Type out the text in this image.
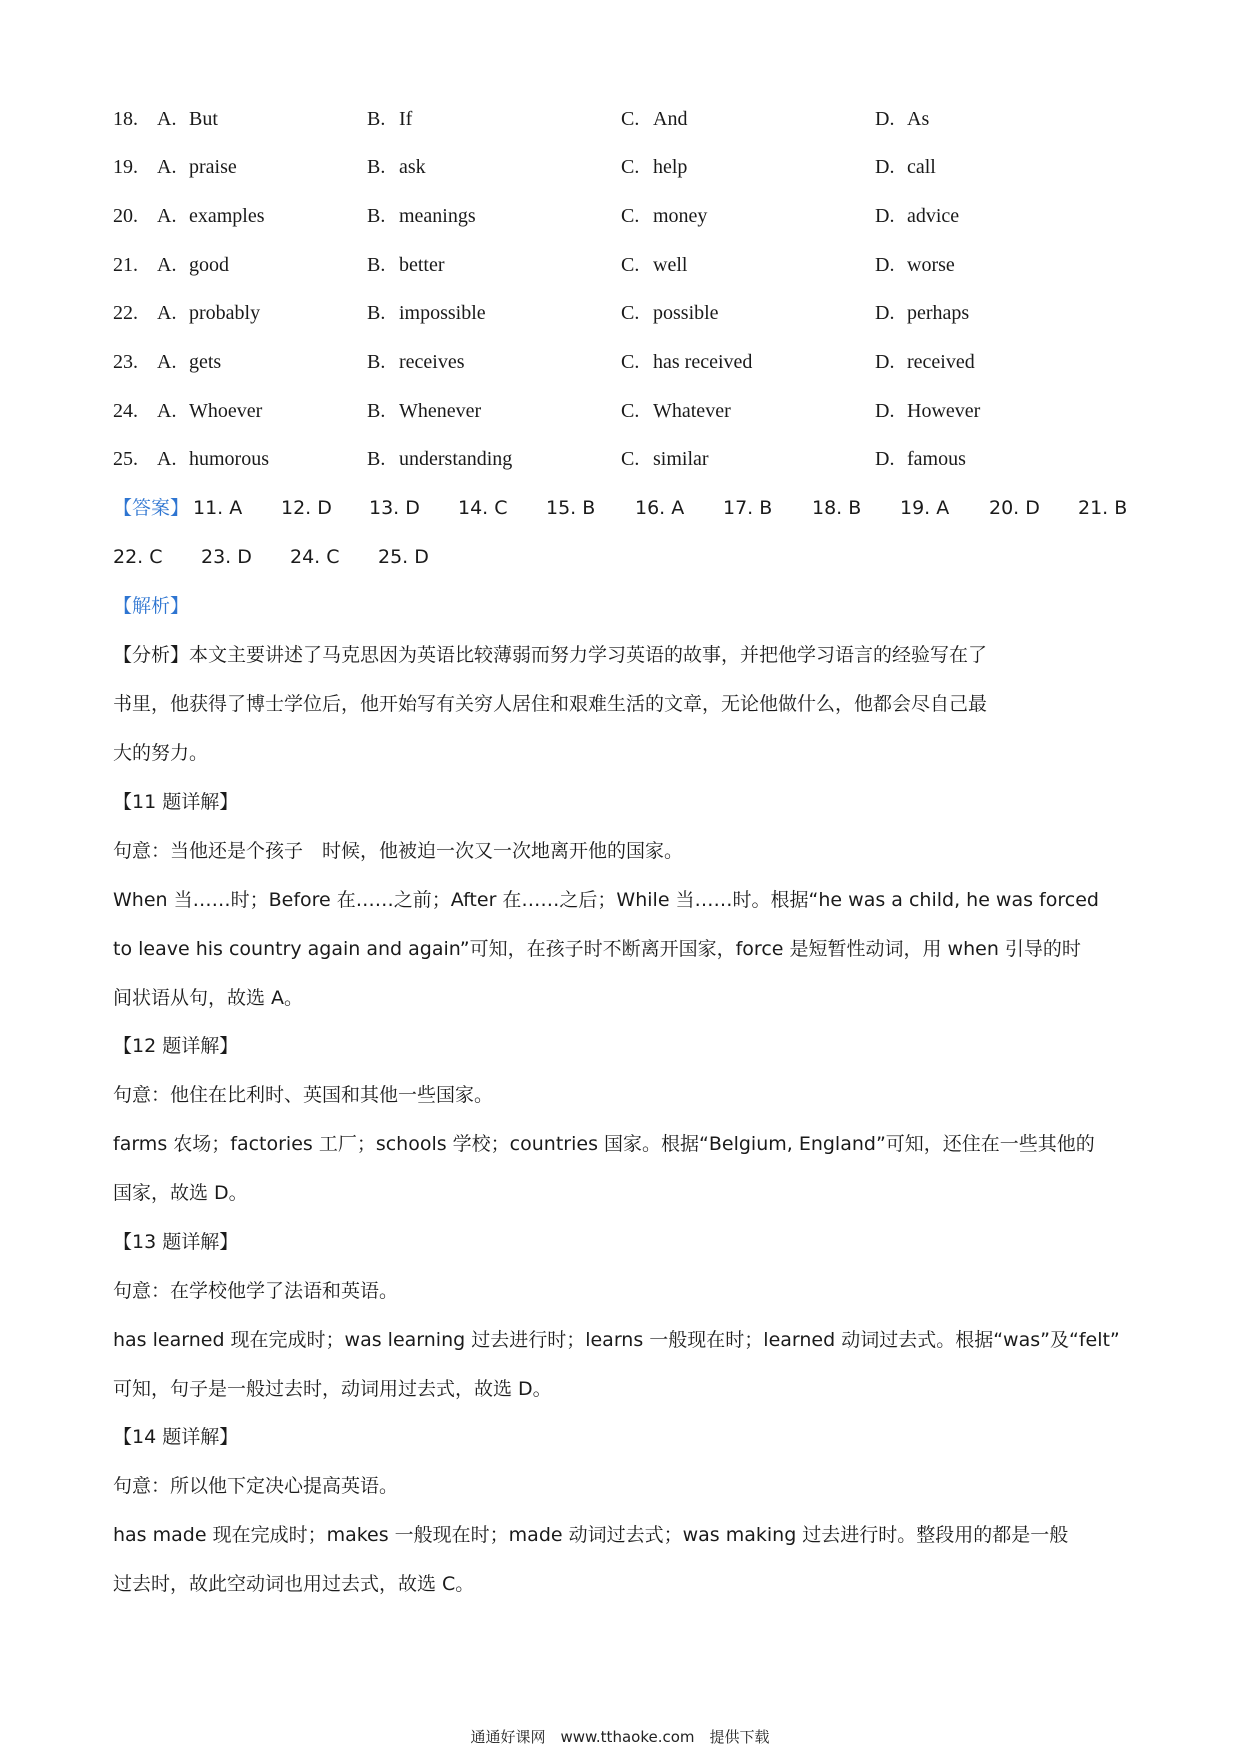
18. A. But	B. If	C. And	D. As
19. A. praise	B. ask	C. help	D. call
20. A. examples	B. meanings	C. money	D. advice
21. A. good	B. better	C. well	D. worse
22. A. probably	B. impossible	C. possible	D. perhaps
23. A. gets	B. receives	C. has received	D. received
24. A. Whoever	B. Whenever	C. Whatever	D. However
25. A. humorous	B. understanding	C. similar	D. famous
【答案】 11. A 12. D 13. D 14. C 15. B 16. A 17. B 18. B 19. A 20. D 21. B
22. C 23. D 24. C 25. D
【解析】
【分析】本文主要讲述了马克思因为英语比较薄弱而努力学习英语的故事，并把他学习语言的经验写在了
书里，他获得了博士学位后，他开始写有关穷人居住和艰难生活的文章，无论他做什么，他都会尽自己最
大的努力。
【11 题详解】
句意：当他还是个孩子　时候，他被迫一次又一次地离开他的国家。
When 当……时；Before 在……之前；After 在……之后；While 当……时。根据“he was a child, he was forced
to leave his country again and again”可知，在孩子时不断离开国家，force 是短暂性动词，用 when 引导的时
间状语从句，故选 A。
【12 题详解】
句意：他住在比利时、英国和其他一些国家。
farms 农场；factories 工厂；schools 学校；countries 国家。根据“Belgium, England”可知，还住在一些其他的
国家，故选 D。
【13 题详解】
句意：在学校他学了法语和英语。
has learned 现在完成时；was learning 过去进行时；learns 一般现在时；learned 动词过去式。根据“was”及“felt”
可知，句子是一般过去时，动词用过去式，故选 D。
【14 题详解】
句意：所以他下定决心提高英语。
has made 现在完成时；makes 一般现在时；made 动词过去式；was making 过去进行时。整段用的都是一般
过去时，故此空动词也用过去式，故选 C。
通通好课网　www.tthaoke.com　提供下载
